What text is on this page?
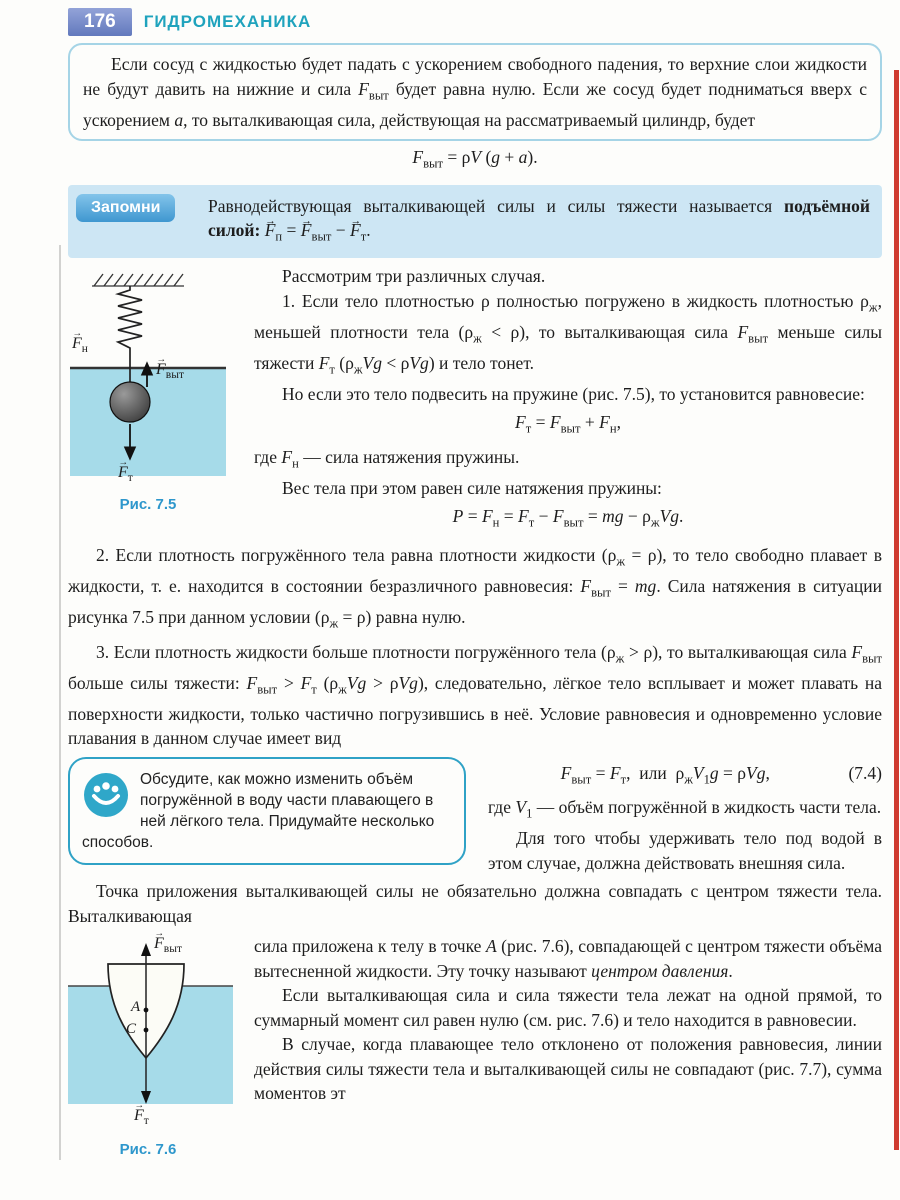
176	ГИДРОМЕХАНИКА

Если сосуд с жидкостью будет падать с ускорением свободного падения, то верхние слои жидкости не будут давить на нижние и сила $F_{выт}$ будет равна нулю. Если же сосуд будет подниматься вверх с ускорением a, то выталкивающая сила, действующая на рассматриваемый цилиндр, будет

$F_{выт} = \rho V$ (g + a).
Запомни	Равнодействующая выталкивающей силы и силы тяжести называется подъёмной силой: → $F_п$ = → $F_{выт}$ − → $F_т$.

→ $F_н$
→ $F_{выт}$
→ $F_т$
Рис. 7.5

Рассмотрим три различных случая.

1. Если тело плотностью ρ полностью погружено в жидкость плотностью $\rho_ж$, меньшей плотности тела $(\rho_ж < \rho)$, то выталкивающая сила $F_{выт}$ меньше силы тяжести $F_т$ $(\rho_жVg < \rho Vg)$ и тело тонет.

Но если это тело подвесить на пружине (рис. 7.5), то установится равновесие:

$F_т = F_{выт} + F_н$,

где $F_н$ — сила натяжения пружины.

Вес тела при этом равен силе натяжения пружины:

$P = F_н = F_т - F_{выт}$ = mg − $\rho_жVg$.

2. Если плотность погружённого тела равна плотности жидкости $(\rho_ж = \rho)$, то тело свободно плавает в жидкости, т. е. находится в состоянии безразличного равновесия: $F_{выт}$ = mg. Сила натяжения в ситуации рисунка 7.5 при данном условии $(\rho_ж = \rho)$ равна нулю.

3. Если плотность жидкости больше плотности погружённого тела $(\rho_ж > \rho)$, то выталкивающая сила $F_{выт}$ больше силы тяжести: $F_{выт} > F_т$ $(\rho_жVg > \rho Vg)$, следовательно, лёгкое тело всплывает и может плавать на поверхности жидкости, только частично погрузившись в неё. Условие равновесия и одновременно условие плавания в данном случае имеет вид

Обсудите, как можно изменить объём погружённой в воду части плавающего в ней лёгкого тела. Придумайте несколько способов.
$F_{выт} = F_т$,  или  $\rho_жV_1g = \rho Vg$,	(7.4)

где $V_1$ — объём погружённой в жидкость части тела.

Для того чтобы удерживать тело под водой в этом случае, должна действовать внешняя сила.

Точка приложения выталкивающей силы не обязательно должна совпадать с центром тяжести тела. Выталкивающая

→ $F_{выт}$
A
C
→ $F_т$
Рис. 7.6

сила приложена к телу в точке A (рис. 7.6), совпадающей с центром тяжести объёма вытесненной жидкости. Эту точку называют центром давления.

Если выталкивающая сила и сила тяжести тела лежат на одной прямой, то суммарный момент сил равен нулю (см. рис. 7.6) и тело находится в равновесии.

В случае, когда плавающее тело отклонено от положения равновесия, линии действия силы тяжести тела и выталкивающей силы не совпадают (рис. 7.7), сумма моментов эт
